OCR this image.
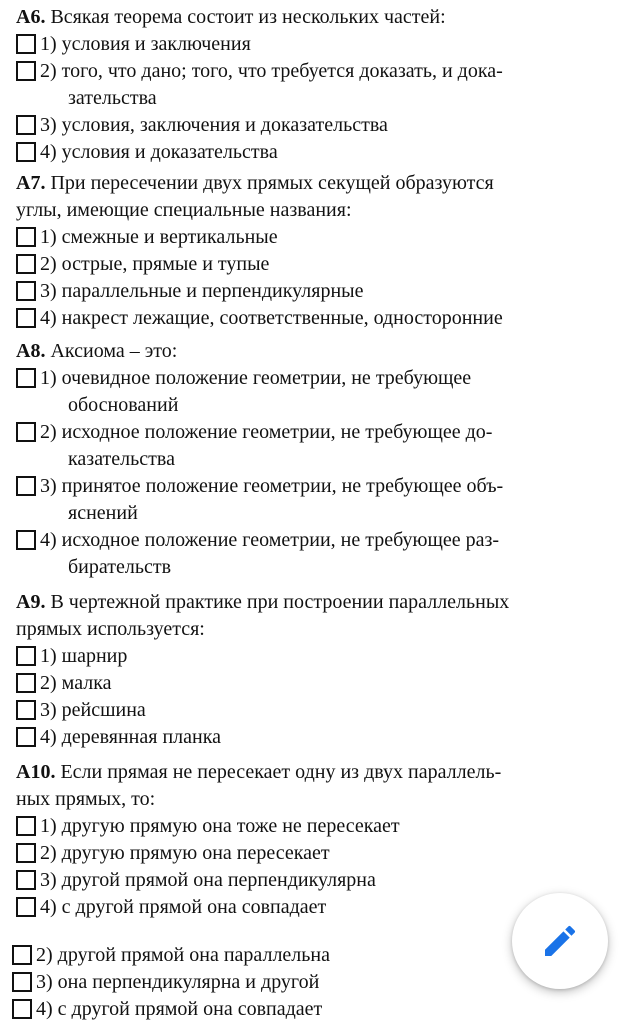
А6. Всякая теорема состоит из нескольких частей:
1)
условия и заключения
2)
того, что дано; того, что требуется доказать, и дока-
зательства
3)
условия, заключения и доказательства
4)
условия и доказательства
А7. При пересечении двух прямых секущей образуются
углы, имеющие специальные названия:
1)
смежные и вертикальные
2)
острые, прямые и тупые
3)
параллельные и перпендикулярные
4)
накрест лежащие, соответственные, односторонние
А8. Аксиома – это:
1)
очевидное положение геометрии, не требующее
обоснований
2)
исходное положение геометрии, не требующее до-
казательства
3)
принятое положение геометрии, не требующее объ-
яснений
4)
исходное положение геометрии, не требующее раз-
бирательств
А9. В чертежной практике при построении параллельных
прямых используется:
1)
шарнир
2)
малка
3)
рейсшина
4)
деревянная планка
А10. Если прямая не пересекает одну из двух параллель-
ных прямых, то:
1)
другую прямую она тоже не пересекает
2)
другую прямую она пересекает
3)
другой прямой она перпендикулярна
4)
с другой прямой она совпадает
2)
другой прямой она параллельна
3)
она перпендикулярна и другой
4)
с другой прямой она совпадает
